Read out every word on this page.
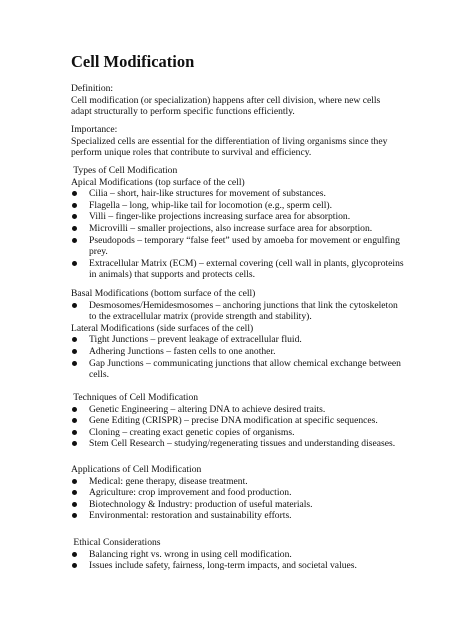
Cell Modification
Definition:
Cell modification (or specialization) happens after cell division, where new cells
adapt structurally to perform specific functions efficiently.
Importance:
Specialized cells are essential for the differentiation of living organisms since they
perform unique roles that contribute to survival and efficiency.
Types of Cell Modification
Apical Modifications (top surface of the cell)
Cilia – short, hair-like structures for movement of substances.
Flagella – long, whip-like tail for locomotion (e.g., sperm cell).
Villi – finger-like projections increasing surface area for absorption.
Microvilli – smaller projections, also increase surface area for absorption.
Pseudopods – temporary “false feet” used by amoeba for movement or engulfing
prey.
Extracellular Matrix (ECM) – external covering (cell wall in plants, glycoproteins
in animals) that supports and protects cells.
Basal Modifications (bottom surface of the cell)
Desmosomes/Hemidesmosomes – anchoring junctions that link the cytoskeleton
to the extracellular matrix (provide strength and stability).
Lateral Modifications (side surfaces of the cell)
Tight Junctions – prevent leakage of extracellular fluid.
Adhering Junctions – fasten cells to one another.
Gap Junctions – communicating junctions that allow chemical exchange between
cells.
Techniques of Cell Modification
Genetic Engineering – altering DNA to achieve desired traits.
Gene Editing (CRISPR) – precise DNA modification at specific sequences.
Cloning – creating exact genetic copies of organisms.
Stem Cell Research – studying/regenerating tissues and understanding diseases.
Applications of Cell Modification
Medical: gene therapy, disease treatment.
Agriculture: crop improvement and food production.
Biotechnology & Industry: production of useful materials.
Environmental: restoration and sustainability efforts.
Ethical Considerations
Balancing right vs. wrong in using cell modification.
Issues include safety, fairness, long-term impacts, and societal values.
